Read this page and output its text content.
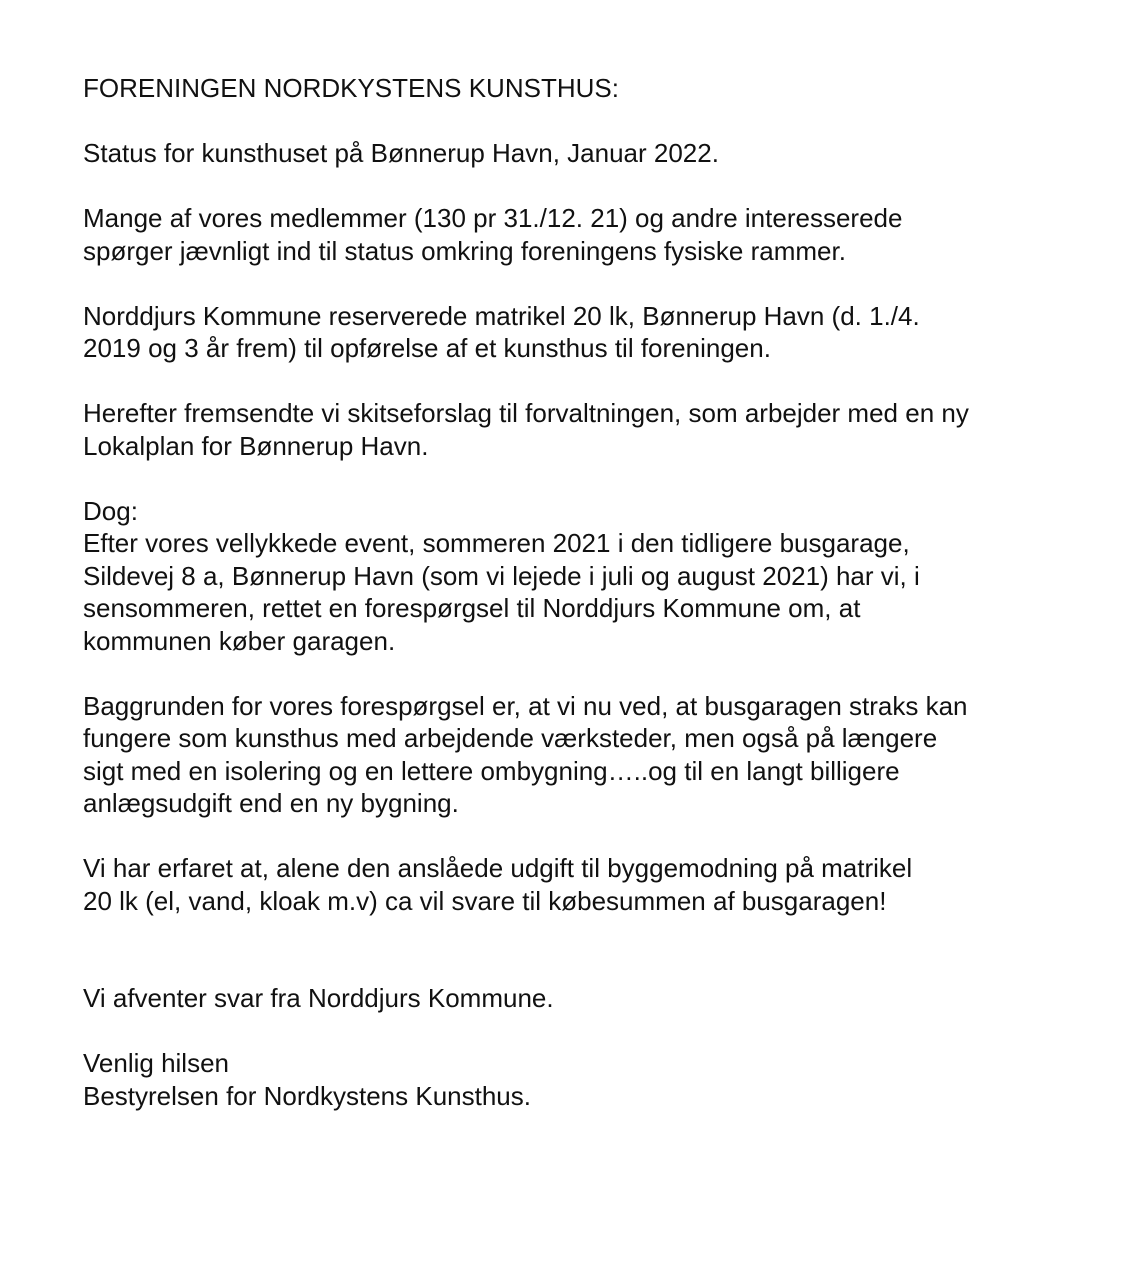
FORENINGEN NORDKYSTENS KUNSTHUS:
Status for kunsthuset på Bønnerup Havn, Januar 2022.
Mange af vores medlemmer (130 pr 31./12. 21) og andre interesserede
spørger jævnligt ind til status omkring foreningens fysiske rammer.
Norddjurs Kommune reserverede matrikel 20 lk, Bønnerup Havn (d. 1./4.
2019 og 3 år frem) til opførelse af et kunsthus til foreningen.
Herefter fremsendte vi skitseforslag til forvaltningen, som arbejder med en ny
Lokalplan for Bønnerup Havn.
Dog:
Efter vores vellykkede event, sommeren 2021 i den tidligere busgarage,
Sildevej 8 a, Bønnerup Havn (som vi lejede i juli og august 2021) har vi, i
sensommeren, rettet en forespørgsel til Norddjurs Kommune om, at
kommunen køber garagen.
Baggrunden for vores forespørgsel er, at vi nu ved, at busgaragen straks kan
fungere som kunsthus med arbejdende værksteder, men også på længere
sigt med en isolering og en lettere ombygning…..og til en langt billigere
anlægsudgift end en ny bygning.
Vi har erfaret at, alene den anslåede udgift til byggemodning på matrikel
20 lk (el, vand, kloak m.v) ca vil svare til købesummen af busgaragen!
Vi afventer svar fra Norddjurs Kommune.
Venlig hilsen
Bestyrelsen for Nordkystens Kunsthus.
